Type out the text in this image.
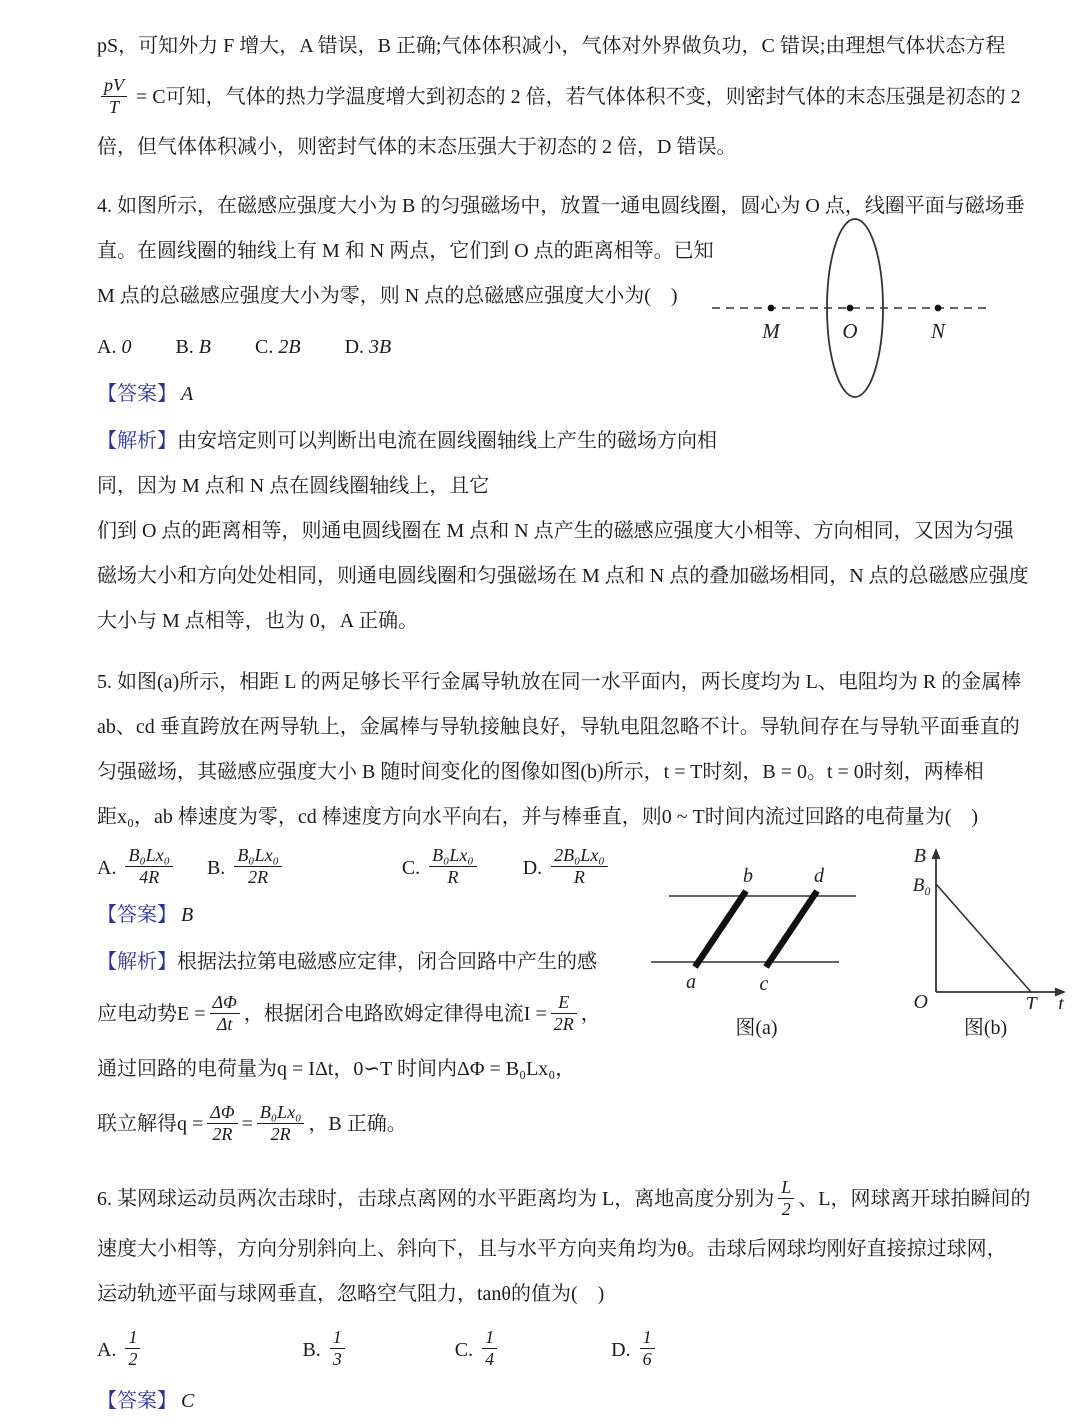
pS，可知外力 F 增大，A 错误，B 正确;气体体积减小，气体对外界做负功，C 错误;由理想气体状态方程
$\frac{pV}{T} = C$可知，气体的热力学温度增大到初态的 2 倍，若气体体积不变，则密封气体的末态压强是初态的 2
倍，但气体体积减小，则密封气体的末态压强大于初态的 2 倍，D 错误。
M	O	N
4. 如图所示，在磁感应强度大小为 B 的匀强磁场中，放置一通电圆线圈，圆心为 O 点，线圈平面与磁场垂
直。在圆线圈的轴线上有 M 和 N 两点，它们到 O 点的距离相等。已知
M 点的总磁感应强度大小为零，则 N 点的总磁感应强度大小为(　)
A. 0 B. B C. 2B D. 3B
【答案】 A
【解析】由安培定则可以判断出电流在圆线圈轴线上产生的磁场方向相
同，因为 M 点和 N 点在圆线圈轴线上，且它
们到 O 点的距离相等，则通电圆线圈在 M 点和 N 点产生的磁感应强度大小相等、方向相同，又因为匀强
磁场大小和方向处处相同，则通电圆线圈和匀强磁场在 M 点和 N 点的叠加磁场相同，N 点的总磁感应强度
大小与 M 点相等，也为 0，A 正确。
5. 如图(a)所示，相距 L 的两足够长平行金属导轨放在同一水平面内，两长度均为 L、电阻均为 R 的金属棒
ab、cd 垂直跨放在两导轨上，金属棒与导轨接触良好，导轨电阻忽略不计。导轨间存在与导轨平面垂直的
匀强磁场，其磁感应强度大小 B 随时间变化的图像如图(b)所示，t = T时刻，B = 0。t = 0时刻，两棒相
距x₀，ab 棒速度为零，cd 棒速度方向水平向右，并与棒垂直，则0 ~ T时间内流过回路的电荷量为(　)
A. $\frac{\text{B₀Lx₀}}{4R} B$. $\frac{\text{B₀Lx₀}}{2R}$	C. $\frac{\text{B₀Lx₀}}{R} D$. $\frac{\text{2B₀Lx₀}}{R}$
【答案】 B
【解析】根据法拉第电磁感应定律，闭合回路中产生的感
应电动势$E = \frac{\Delta\Phi}{\Delta t}$ ，根据闭合电路欧姆定律得电流$I = \frac{E}{2R}$ ，
通过回路的电荷量为q = IΔt，0∽T 时间内ΔΦ = B₀Lx₀，
联立解得$q = \frac{\Delta\Phi}{2R} = \frac{\text{B₀Lx₀}}{2R}$ ，B 正确。
b	d
a	c
图(a)
B
B₀
O	T t
图(b)
6. 某网球运动员两次击球时，击球点离网的水平距离均为 L，离地高度分别为 $\frac{L}{2}$ 、L，网球离开球拍瞬间的
速度大小相等，方向分别斜向上、斜向下，且与水平方向夹角均为θ。击球后网球均刚好直接掠过球网，
运动轨迹平面与球网垂直，忽略空气阻力，tanθ的值为(　)
A. $\frac{1}{2}$	B. $\frac{1}{3}$	C. $\frac{1}{4}$	D. $\frac{1}{6}$
【答案】 C
